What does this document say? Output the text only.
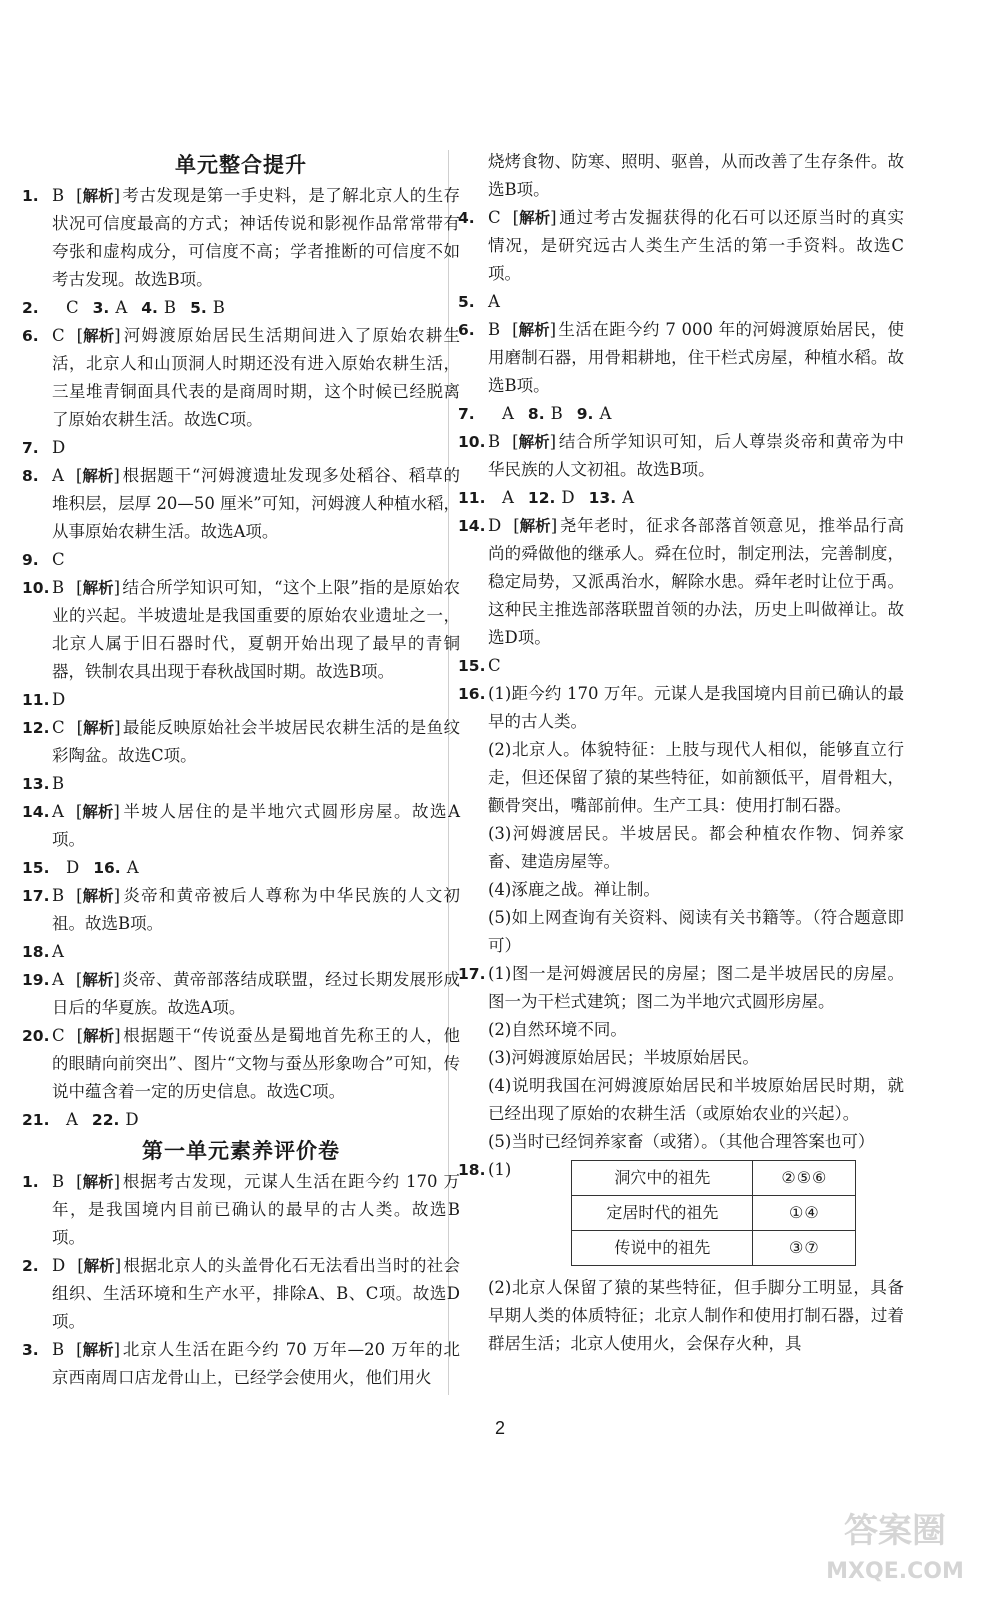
单元整合提升
1. B [ 解析 ] 考古发现是第一手史料，是了解北京人的生存状况可信度最高的方式；神话传说和影视作品常常带有夸张和虚构成分，可信度不高；学者推断的可信度不如考古发现。故选B项。
2.	C 3. A 4. B 5. B
6. C [ 解析 ] 河姆渡原始居民生活期间进入了原始农耕生活，北京人和山顶洞人时期还没有进入原始农耕生活，三星堆青铜面具代表的是商周时期，这个时候已经脱离了原始农耕生活。故选C项。
7. D
8. A [ 解析 ] 根据题干“河姆渡遗址发现多处稻谷、稻草的堆积层，层厚 20—50 厘米”可知，河姆渡人种植水稻，从事原始农耕生活。故选A项。
9. C
10. B [ 解析 ] 结合所学知识可知，“这个上限”指的是原始农业的兴起。半坡遗址是我国重要的原始农业遗址之一，北京人属于旧石器时代，夏朝开始出现了最早的青铜器，铁制农具出现于春秋战国时期。故选B项。
11. D
12. C [ 解析 ] 最能反映原始社会半坡居民农耕生活的是鱼纹彩陶盆。故选C项。
13. B
14. A [ 解析 ] 半坡人居住的是半地穴式圆形房屋。故选A项。
15. D 16. A
17. B [ 解析 ] 炎帝和黄帝被后人尊称为中华民族的人文初祖。故选B项。
18. A
19. A [ 解析 ] 炎帝、黄帝部落结成联盟，经过长期发展形成日后的华夏族。故选A项。
20. C [ 解析 ] 根据题干“传说蚕丛是蜀地首先称王的人，他的眼睛向前突出”、图片“文物与蚕丛形象吻合”可知，传说中蕴含着一定的历史信息。故选C项。
21. A 22. D
第一单元素养评价卷
1. B [ 解析 ] 根据考古发现，元谋人生活在距今约 170 万年，是我国境内目前已确认的最早的古人类。故选B项。
2. D [ 解析 ] 根据北京人的头盖骨化石无法看出当时的社会组织、生活环境和生产水平，排除A、B、C项。故选D项。
3. B [ 解析 ] 北京人生活在距今约 70 万年—20 万年的北京西南周口店龙骨山上，已经学会使用火，他们用火
烧烤食物、防寒、照明、驱兽，从而改善了生存条件。故选B项。
4. C [ 解析 ] 通过考古发掘获得的化石可以还原当时的真实情况，是研究远古人类生产生活的第一手资料。故选C项。
5. A
6. B [ 解析 ] 生活在距今约 7 000 年的河姆渡原始居民，使用磨制石器，用骨耜耕地，住干栏式房屋，种植水稻。故选B项。
7.	A 8. B 9. A
10. B [ 解析 ] 结合所学知识可知，后人尊崇炎帝和黄帝为中华民族的人文初祖。故选B项。
11. A 12. D 13. A
14. D [ 解析 ] 尧年老时，征求各部落首领意见，推举品行高尚的舜做他的继承人。舜在位时，制定刑法，完善制度，稳定局势，又派禹治水，解除水患。舜年老时让位于禹。这种民主推选部落联盟首领的办法，历史上叫做禅让。故选D项。
15. C
16. (1)距今约 170 万年。元谋人是我国境内目前已确认的最早的古人类。

(2)北京人。体貌特征：上肢与现代人相似，能够直立行走，但还保留了猿的某些特征，如前额低平，眉骨粗大，颧骨突出，嘴部前伸。生产工具：使用打制石器。

(3)河姆渡居民。半坡居民。都会种植农作物、饲养家畜、建造房屋等。

(4)涿鹿之战。禅让制。

(5)如上网查询有关资料、阅读有关书籍等。（符合题意即可）

17. (1)图一是河姆渡居民的房屋；图二是半坡居民的房屋。图一为干栏式建筑；图二为半地穴式圆形房屋。

(2)自然环境不同。

(3)河姆渡原始居民；半坡原始居民。

(4)说明我国在河姆渡原始居民和半坡原始居民时期，就已经出现了原始的农耕生活（或原始农业的兴起）。

(5)当时已经饲养家畜（或猪）。（其他合理答案也可）

18. (1)	洞穴中的祖先	②⑤⑥
定居时代的祖先	①④
传说中的祖先	③⑦

(2)北京人保留了猿的某些特征，但手脚分工明显，具备早期人类的体质特征；北京人制作和使用打制石器，过着群居生活；北京人使用火，会保存火种，具

2
答案圈
MXQE.COM
